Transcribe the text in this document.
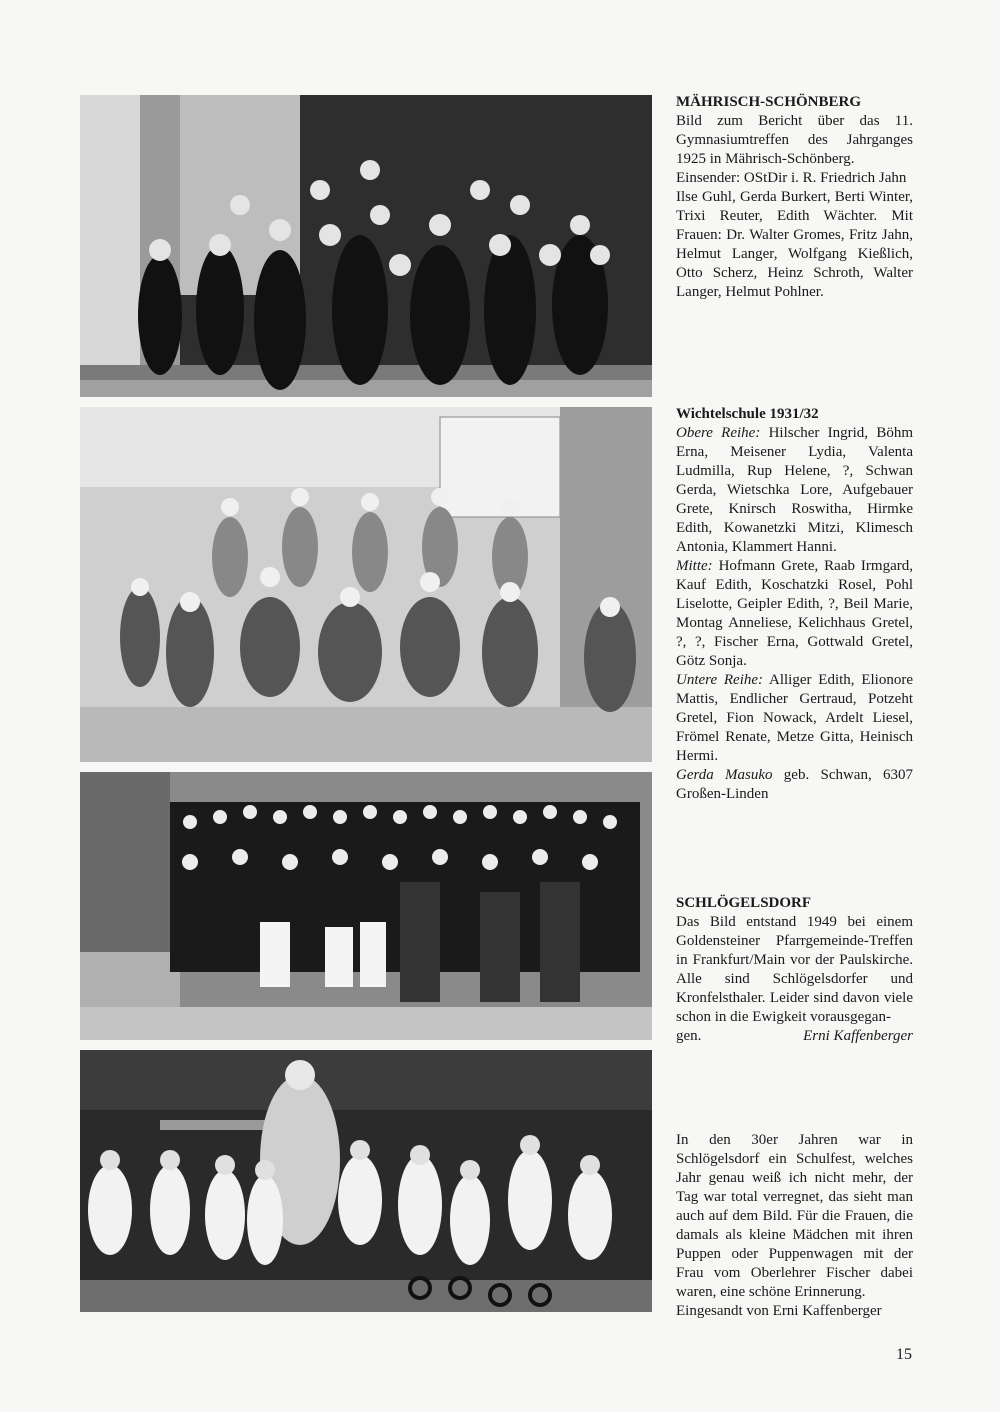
MÄHRISCH-SCHÖNBERG

Bild zum Bericht über das 11. Gymnasiumtreffen des Jahrganges 1925 in Mährisch-Schönberg.

Einsender: OStDir i. R. Friedrich Jahn

Ilse Guhl, Gerda Burkert, Berti Winter, Trixi Reuter, Edith Wächter. Mit Frauen: Dr. Walter Gromes, Fritz Jahn, Helmut Langer, Wolfgang Kießlich, Otto Scherz, Heinz Schroth, Walter Langer, Helmut Pohlner.

Wichtelschule 1931/32

Obere Reihe: Hilscher Ingrid, Böhm Erna, Meisener Lydia, Valenta Ludmilla, Rup Helene, ?, Schwan Gerda, Wietschka Lore, Aufgebauer Grete, Knirsch Roswitha, Hirmke Edith, Kowanetzki Mitzi, Klimesch Antonia, Klammert Hanni.

Mitte: Hofmann Grete, Raab Irmgard, Kauf Edith, Koschatzki Rosel, Pohl Liselotte, Geipler Edith, ?, Beil Marie, Montag Anneliese, Kelichhaus Gretel, ?, ?, Fischer Erna, Gottwald Gretel, Götz Sonja.

Untere Reihe: Alliger Edith, Elionore Mattis, Endlicher Gertraud, Potzeht Gretel, Fion Nowack, Ardelt Liesel, Frömel Renate, Metze Gitta, Heinisch Hermi.

Gerda Masuko geb. Schwan, 6307 Großen-Linden

SCHLÖGELSDORF

Das Bild entstand 1949 bei einem Goldensteiner Pfarrgemeinde-Treffen in Frankfurt/Main vor der Paulskirche. Alle sind Schlögelsdorfer und Kronfelsthaler. Leider sind davon viele schon in die Ewigkeit vorausgegan-

gen.	Erni Kaffenberger

In den 30er Jahren war in Schlögelsdorf ein Schulfest, welches Jahr genau weiß ich nicht mehr, der Tag war total verregnet, das sieht man auch auf dem Bild. Für die Frauen, die damals als kleine Mädchen mit ihren Puppen oder Puppenwagen mit der Frau vom Oberlehrer Fischer dabei waren, eine schöne Erinnerung.

Eingesandt von Erni Kaffenberger

15
